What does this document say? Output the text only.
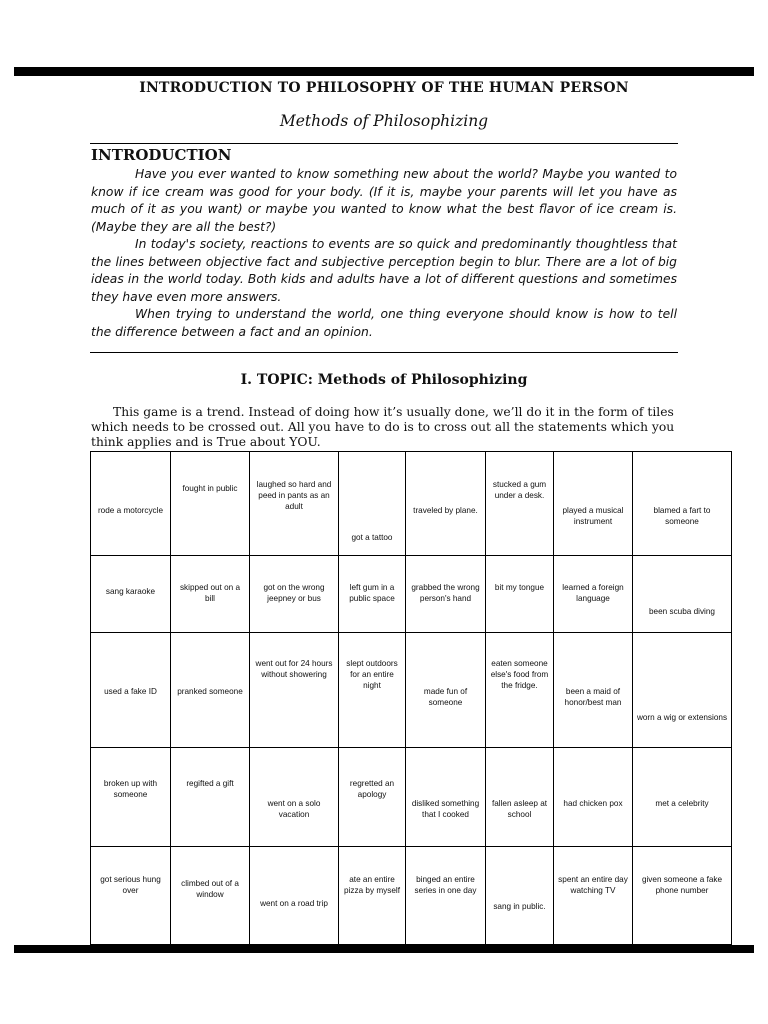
INTRODUCTION TO PHILOSOPHY OF THE HUMAN PERSON
Methods of Philosophizing
INTRODUCTION

Have you ever wanted to know something new about the world? Maybe you wanted to know if ice cream was good for your body. (If it is, maybe your parents will let you have as much of it as you want) or maybe you wanted to know what the best flavor of ice cream is. (Maybe they are all the best?)

In today's society, reactions to events are so quick and predominantly thoughtless that the lines between objective fact and subjective perception begin to blur. There are a lot of big ideas in the world today. Both kids and adults have a lot of different questions and sometimes they have even more answers.

When trying to understand the world, one thing everyone should know is how to tell the difference between a fact and an opinion.

I. TOPIC: Methods of Philosophizing
This game is a trend. Instead of doing how it’s usually done, we’ll do it in the form of tiles which needs to be crossed out. All you have to do is to cross out all the statements which you think applies and is True about YOU.
rode a motorcycle	fought in public	laughed so hard and peed in pants as an adult	got a tattoo	traveled by plane.	stucked a gum under a desk.	played a musical instrument	blamed a fart to someone

sang karaoke	skipped out on a bill	got on the wrong jeepney or bus	left gum in a public space	grabbed the wrong person's hand	bit my tongue	learned a foreign language	been scuba diving

used a fake ID	pranked someone	went out for 24 hours without showering	slept outdoors for an entire night	made fun of someone	eaten someone else's food from the fridge.	been a maid of honor/best man	worn a wig or extensions

broken up with someone	regifted a gift	went on a solo vacation	regretted an apology	disliked something that I cooked	fallen asleep at school	had chicken pox	met a celebrity

got serious hung over	climbed out of a window	went on a road trip	ate an entire pizza by myself	binged an entire series in one day	sang in public.	spent an entire day watching TV	given someone a fake phone number
